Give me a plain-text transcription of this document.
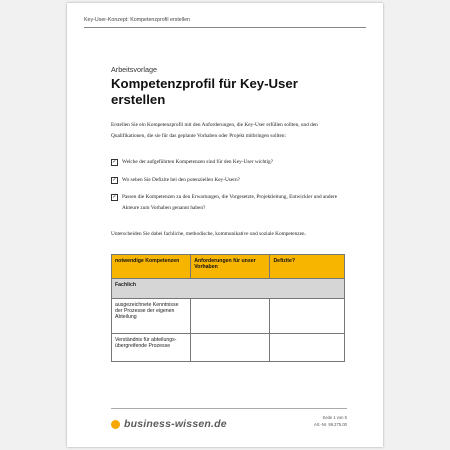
Key-User-Konzept: Kompetenzprofil erstellen
Arbeitsvorlage
Kompetenzprofil für Key-User erstellen
Erstellen Sie ein Kompetenzprofil mit den Anforderungen, die Key-User erfüllen sollten, und den Qualifikationen, die sie für das geplante Vorhaben oder Projekt mitbringen sollten:
✓ Welche der aufgeführten Kompetenzen sind für den Key-User wichtig?
✓ Wo sehen Sie Defizite bei den potenziellen Key-Usern?
✓ Passen die Kompetenzen zu den Erwartungen, die Vorgesetzte, Projektleitung, Entwickler und andere Akteure zum Vorhaben genannt haben?
Unterscheiden Sie dabei fachliche, methodische, kommunikative und soziale Kompetenzen.
notwendige Kompetenzen	Anforderungen für unser Vorhaben	Defizite?
Fachlich		
ausgezeichnete Kenntnisse der Prozesse der eigenen Abteilung		
Verständnis für abteilungs-übergreifende Prozesse		
business-wissen.de
Seite 1 von 5
Art.-Nr. 99.275.00
